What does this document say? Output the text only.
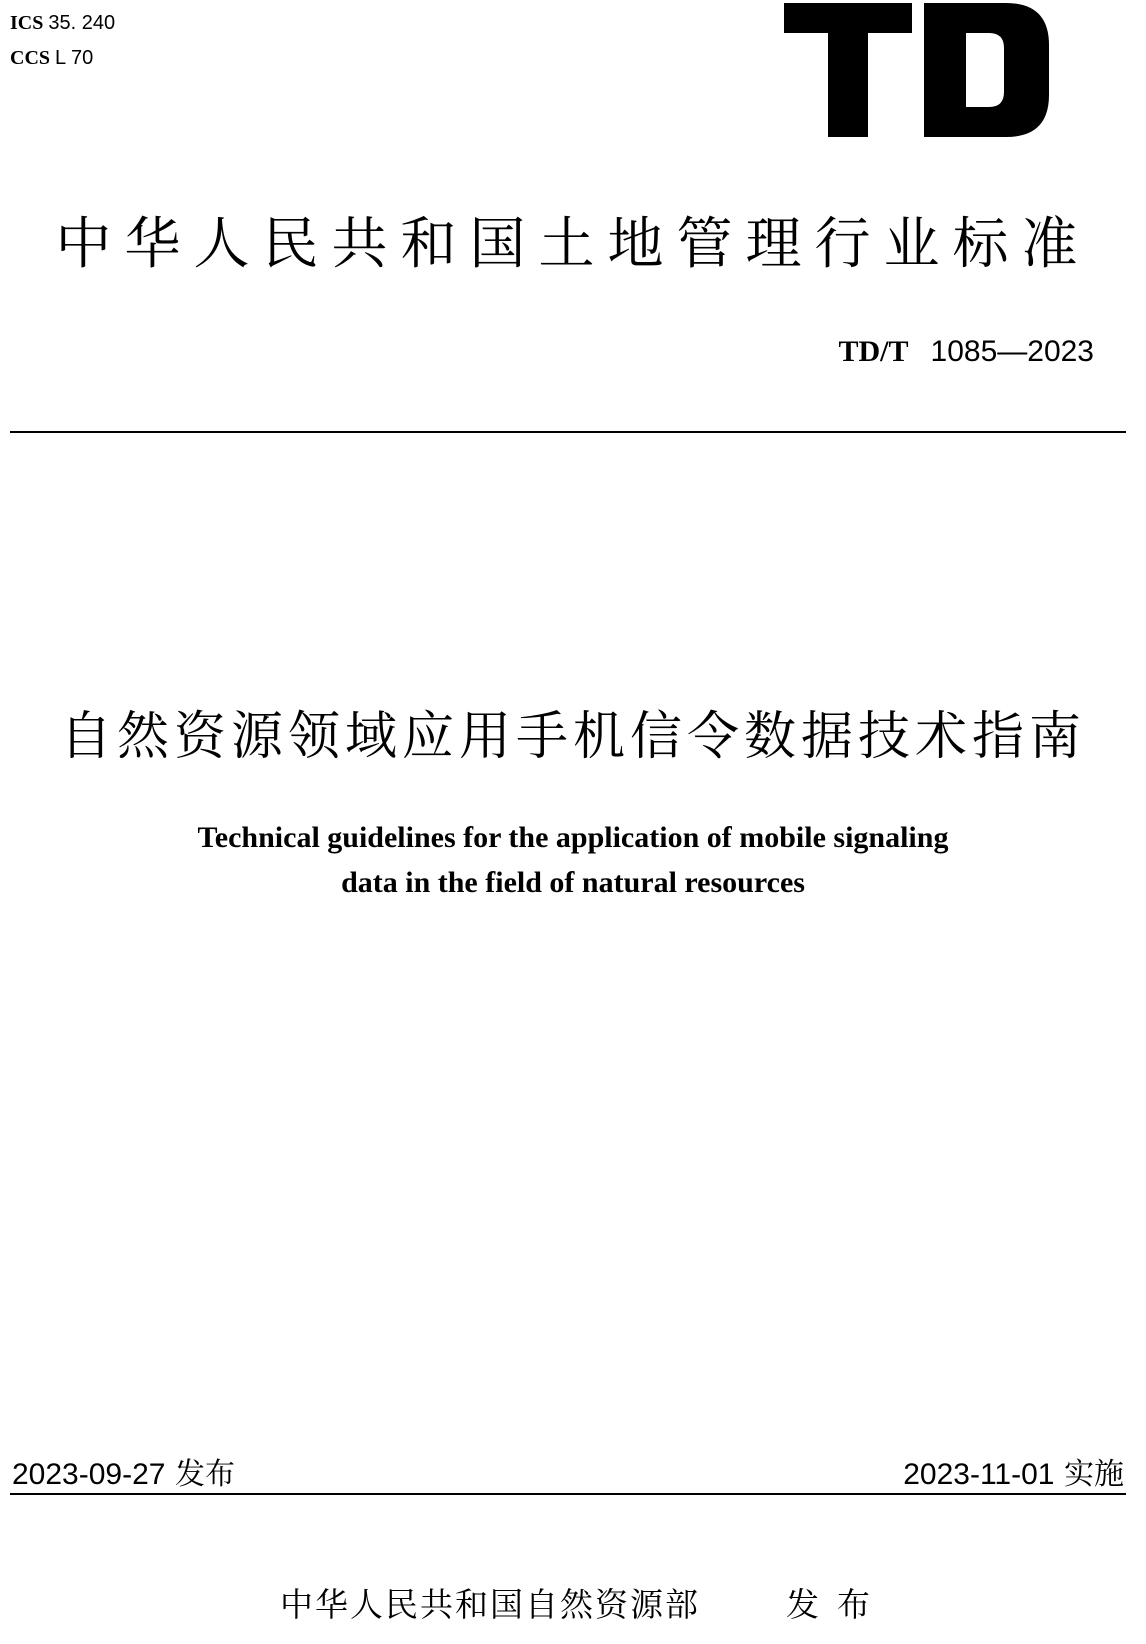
ICS 35. 240
CCS L 70
中华人民共和国土地管理行业标准
TD/T 1085—2023
自然资源领域应用手机信令数据技术指南
Technical guidelines for the application of mobile signaling
data in the field of natural resources
2023-09-27 发布	2023-11-01 实施
中华人民共和国自然资源部	发布
